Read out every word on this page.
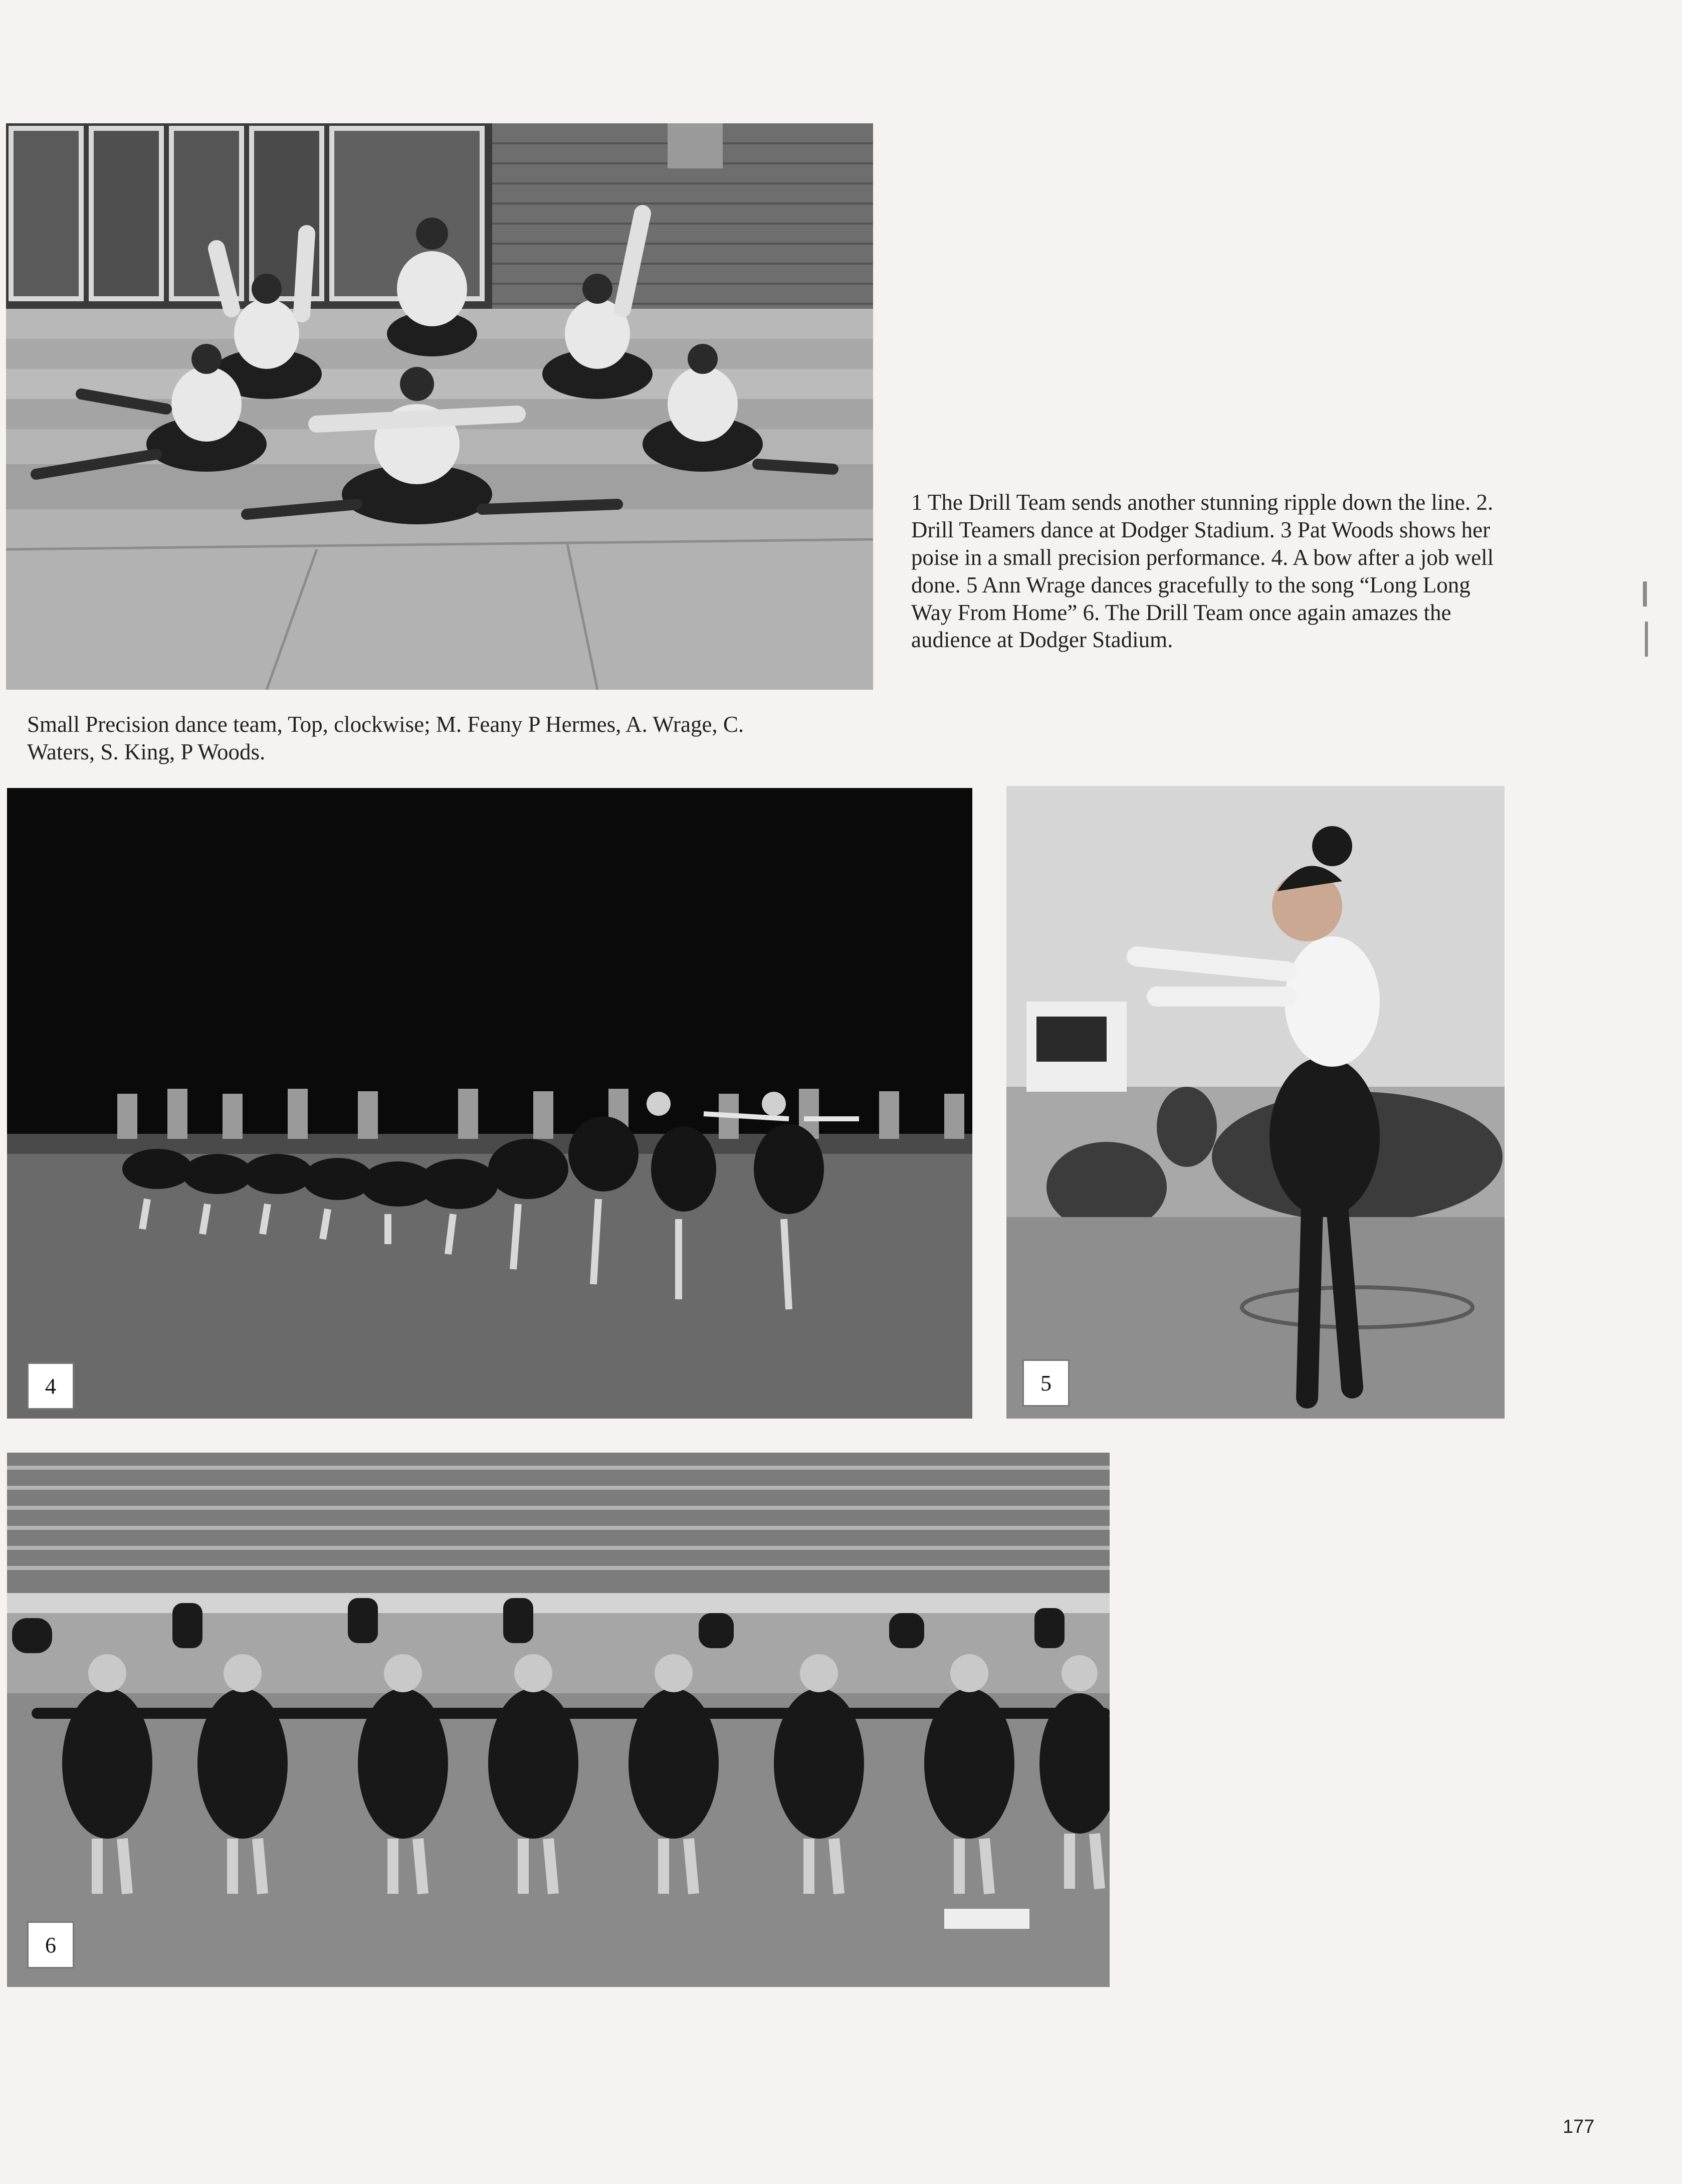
1 The Drill Team sends another stunning ripple down the line. 2. Drill Teamers dance at Dodger Stadium. 3 Pat Woods shows her poise in a small precision performance. 4. A bow after a job well done. 5 Ann Wrage dances gracefully to the song “Long Long Way From Home” 6. The Drill Team once again amazes the audience at Dodger Stadium.
Small Precision dance team, Top, clockwise; M. Feany P Hermes, A. Wrage, C. Waters, S. King, P Woods.
4	5
6
177
